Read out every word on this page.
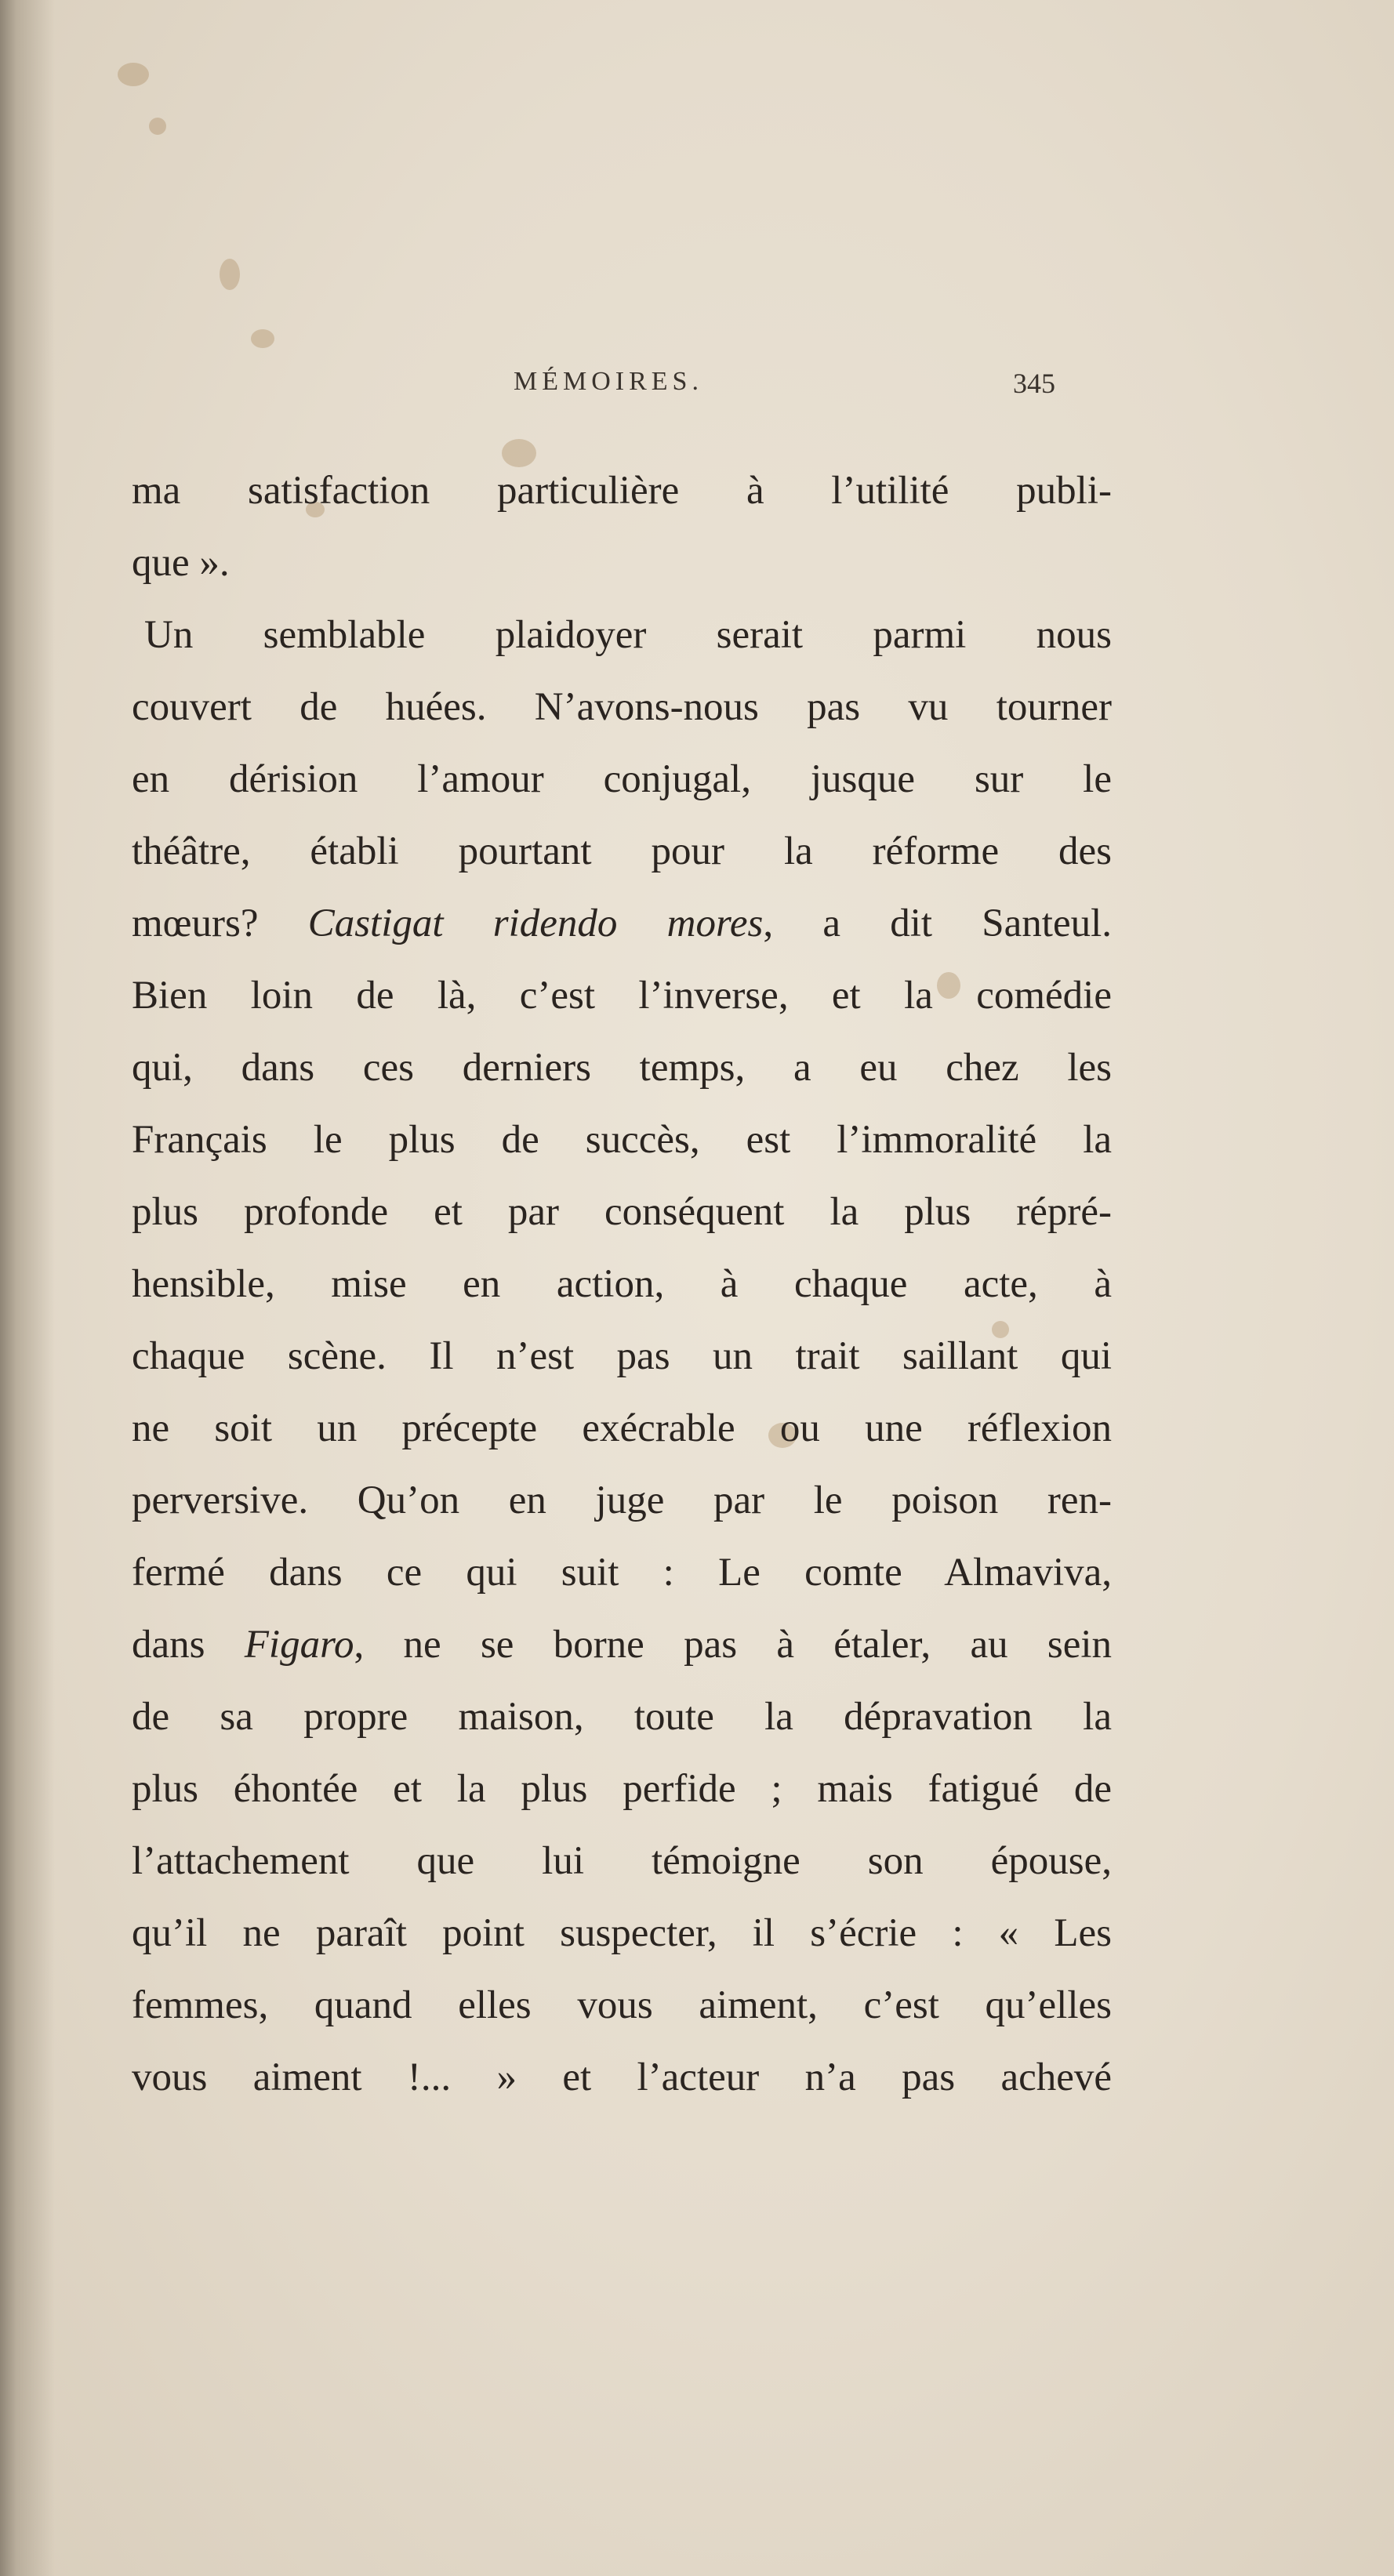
MÉMOIRES.	345
ma satisfaction particulière à l’utilité publi-
que ».
Un semblable plaidoyer serait parmi nous
couvert de huées. N’avons-nous pas vu tourner
en dérision l’amour conjugal, jusque sur le
théâtre, établi pourtant pour la réforme des
mœurs? Castigat ridendo mores, a dit Santeul.
Bien loin de là, c’est l’inverse, et la comédie
qui, dans ces derniers temps, a eu chez les
Français le plus de succès, est l’immoralité la
plus profonde et par conséquent la plus répré-
hensible, mise en action, à chaque acte, à
chaque scène. Il n’est pas un trait saillant qui
ne soit un précepte exécrable ou une réflexion
perversive. Qu’on en juge par le poison ren-
fermé dans ce qui suit : Le comte Almaviva,
dans Figaro, ne se borne pas à étaler, au sein
de sa propre maison, toute la dépravation la
plus éhontée et la plus perfide ; mais fatigué de
l’attachement que lui témoigne son épouse,
qu’il ne paraît point suspecter, il s’écrie : « Les
femmes, quand elles vous aiment, c’est qu’elles
vous aiment !... » et l’acteur n’a pas achevé
